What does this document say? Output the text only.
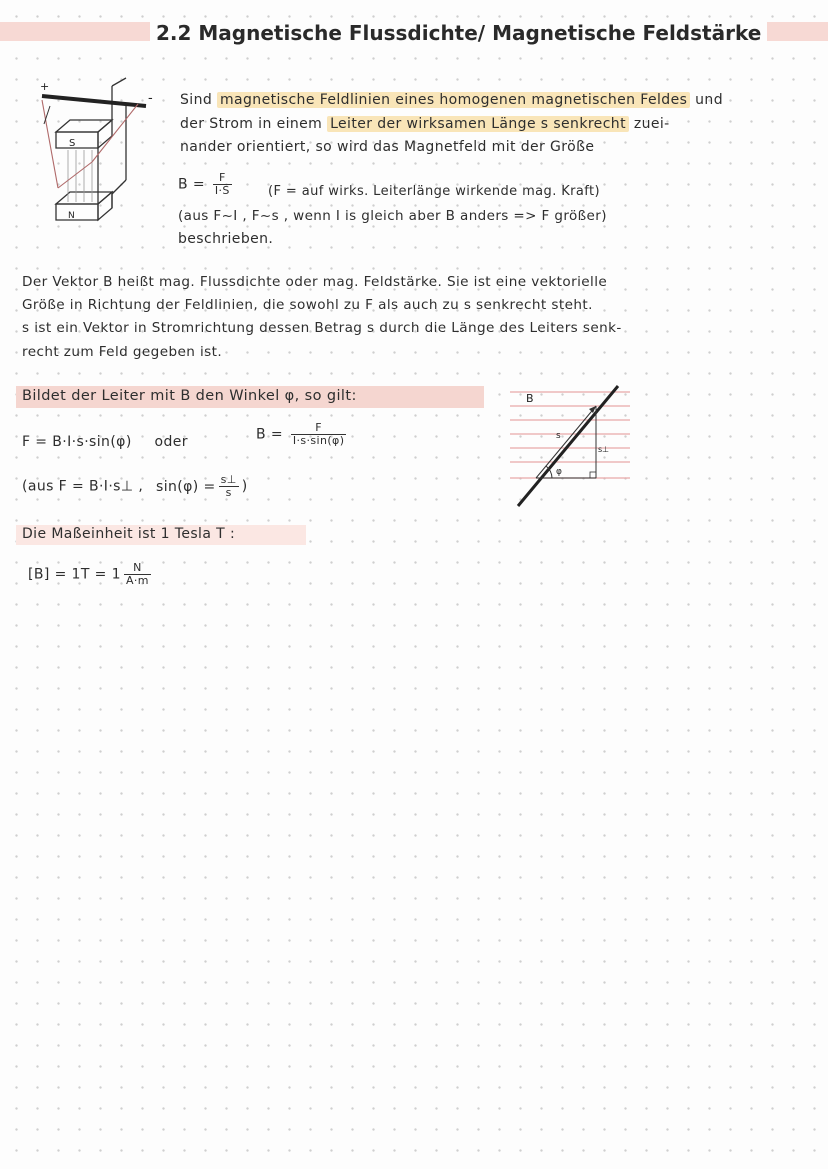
2.2 Magnetische Flussdichte/ Magnetische Feldstärke
+
-
S
N
Sind magnetische Feldlinien eines homogenen magnetischen Feldes und
der Strom in einem Leiter der wirksamen Länge s senkrecht zuei-
nander orientiert, so wird das Magnetfeld mit der Größe
$B = \frac{F}{I\cdot S}$	(F = auf wirks. Leiterlänge wirkende mag. Kraft)
(aus F~I , F~s , wenn I is gleich aber B anders => F größer)
beschrieben.
Der Vektor B heißt mag. Flussdichte oder mag. Feldstärke. Sie ist eine vektorielle
Größe in Richtung der Feldlinien, die sowohl zu F als auch zu s senkrecht steht.
s ist ein Vektor in Stromrichtung dessen Betrag s durch die Länge des Leiters senk-
recht zum Feld gegeben ist.
Bildet der Leiter mit B den Winkel φ, so gilt:
F = B·I·s·sin(φ) oder	$B = \frac{F}{I\cdot s\cdot\sin(\varphi)}$
(aus F = B·I·s⊥ , $\sin(\varphi) = \frac{s\perp}{s}$ )
Die Maßeinheit ist 1 Tesla T :
$[B] = 1T = 1 \frac{N}{A\cdot m}$
B
s
s⊥
φ
